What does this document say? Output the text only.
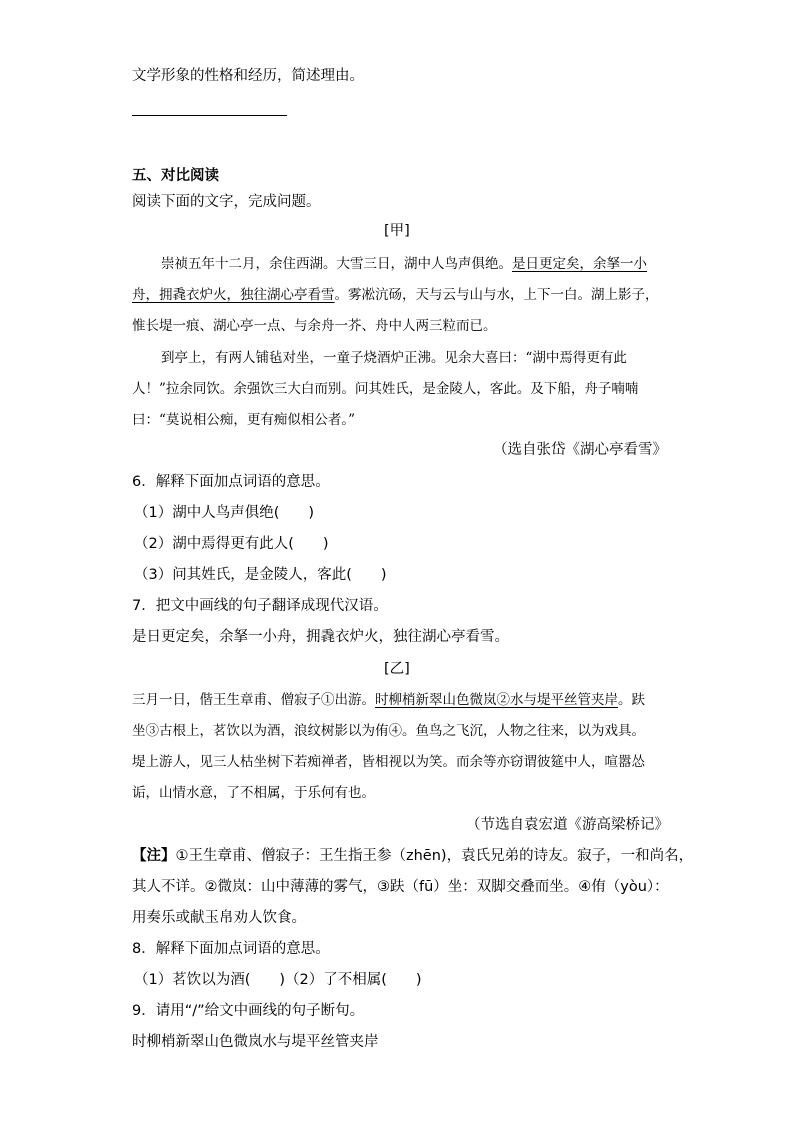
文学形象的性格和经历，简述理由。
五、对比阅读
阅读下面的文字，完成问题。
[甲]
崇祯五年十二月，余住西湖。大雪三日，湖中人鸟声俱绝。是日更定矣，余拏一小
舟，拥毳衣炉火，独往湖心亭看雪。雾凇沆砀，天与云与山与水，上下一白。湖上影子，
惟长堤一痕、湖心亭一点、与余舟一芥、舟中人两三粒而已。
到亭上，有两人铺毡对坐，一童子烧酒炉正沸。见余大喜曰：“湖中焉得更有此
人！”拉余同饮。余强饮三大白而别。问其姓氏，是金陵人，客此。及下船，舟子喃喃
曰：“莫说相公痴，更有痴似相公者。”
（选自张岱《湖心亭看雪》
6．解释下面加点词语的意思。
（1）湖中人鸟声俱绝(　　)
（2）湖中焉得更有此人(　　)
（3）问其姓氏，是金陵人，客此(　　)
7．把文中画线的句子翻译成现代汉语。
是日更定矣，余拏一小舟，拥毳衣炉火，独往湖心亭看雪。
[乙]
三月一日，偕王生章甫、僧寂子①出游。时柳梢新翠山色微岚②水与堤平丝管夹岸。趺
坐③古根上，茗饮以为酒，浪纹树影以为侑④。鱼鸟之飞沉，人物之往来，以为戏具。
堤上游人，见三人枯坐树下若痴禅者，皆相视以为笑。而余等亦窃谓彼筵中人，喧嚣怂
诟，山情水意，了不相属，于乐何有也。
（节选自袁宏道《游高梁桥记》
【注】①王生章甫、僧寂子：王生指王参（zhēn)，袁氏兄弟的诗友。寂子，一和尚名，
其人不详。②微岚：山中薄薄的雾气，③趺（fū）坐：双脚交叠而坐。④侑（yòu）：
用奏乐或献玉帛劝人饮食。
8．解释下面加点词语的意思。
（1）茗饮以为酒(　　)（2）了不相属(　　)
9．请用“/”给文中画线的句子断句。
时柳梢新翠山色微岚水与堤平丝管夹岸
